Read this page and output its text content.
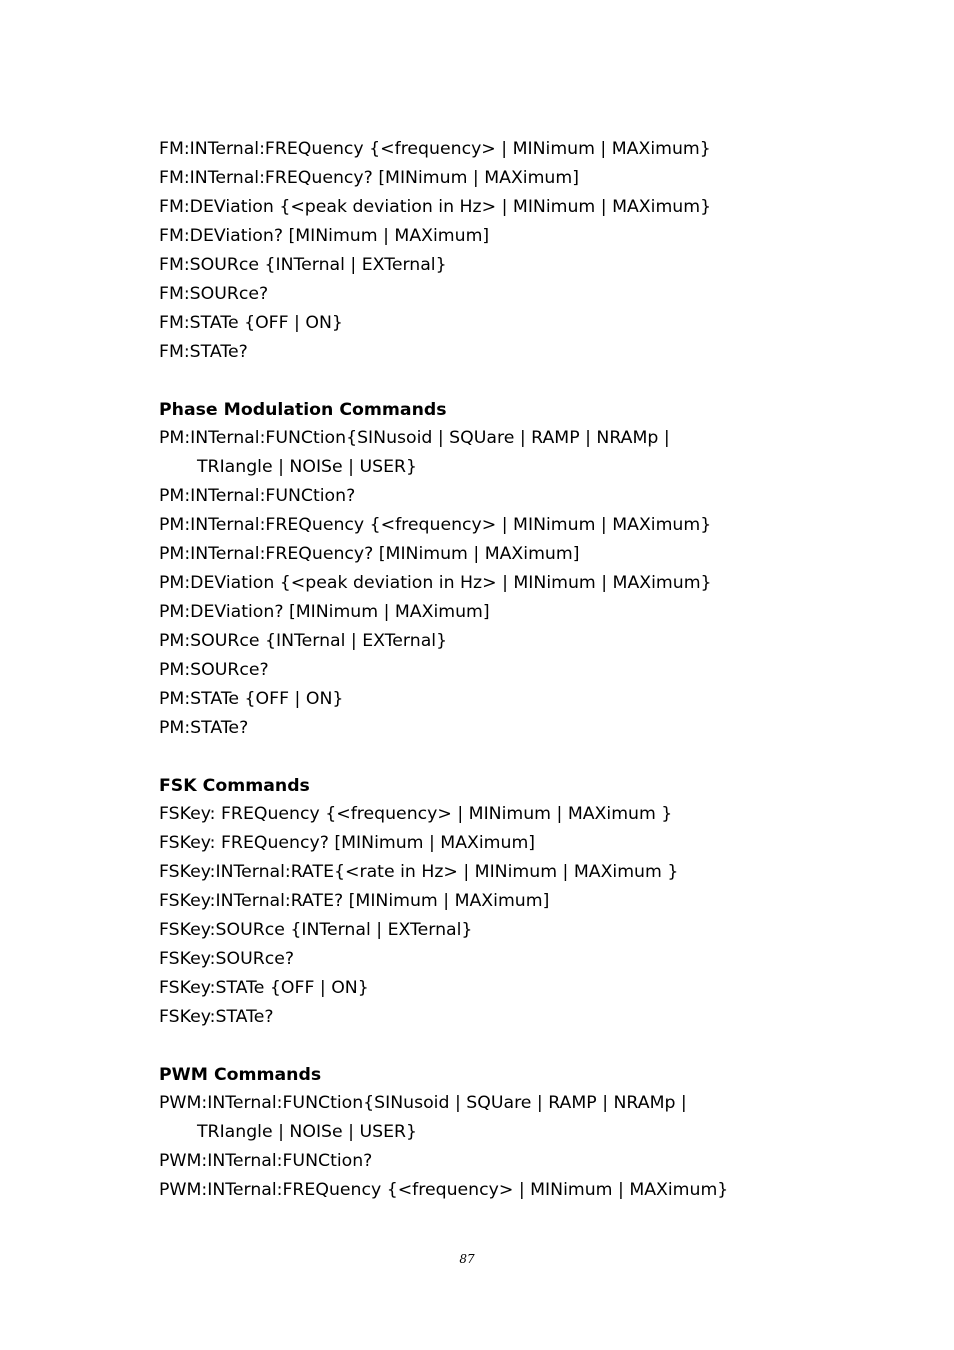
FM:INTernal:FREQuency {<frequency> | MINimum | MAXimum}
FM:INTernal:FREQuency? [MINimum | MAXimum]
FM:DEViation {<peak deviation in Hz> | MINimum | MAXimum}
FM:DEViation? [MINimum | MAXimum]
FM:SOURce {INTernal | EXTernal}
FM:SOURce?
FM:STATe {OFF | ON}
FM:STATe?
Phase Modulation Commands
PM:INTernal:FUNCtion{SINusoid | SQUare | RAMP | NRAMp |
TRIangle | NOISe | USER}
PM:INTernal:FUNCtion?
PM:INTernal:FREQuency {<frequency> | MINimum | MAXimum}
PM:INTernal:FREQuency? [MINimum | MAXimum]
PM:DEViation {<peak deviation in Hz> | MINimum | MAXimum}
PM:DEViation? [MINimum | MAXimum]
PM:SOURce {INTernal | EXTernal}
PM:SOURce?
PM:STATe {OFF | ON}
PM:STATe?
FSK Commands
FSKey: FREQuency {<frequency> | MINimum | MAXimum }
FSKey: FREQuency? [MINimum | MAXimum]
FSKey:INTernal:RATE{<rate in Hz> | MINimum | MAXimum }
FSKey:INTernal:RATE? [MINimum | MAXimum]
FSKey:SOURce {INTernal | EXTernal}
FSKey:SOURce?
FSKey:STATe {OFF | ON}
FSKey:STATe?
PWM Commands
PWM:INTernal:FUNCtion{SINusoid | SQUare | RAMP | NRAMp |
TRIangle | NOISe | USER}
PWM:INTernal:FUNCtion?
PWM:INTernal:FREQuency {<frequency> | MINimum | MAXimum}
87
